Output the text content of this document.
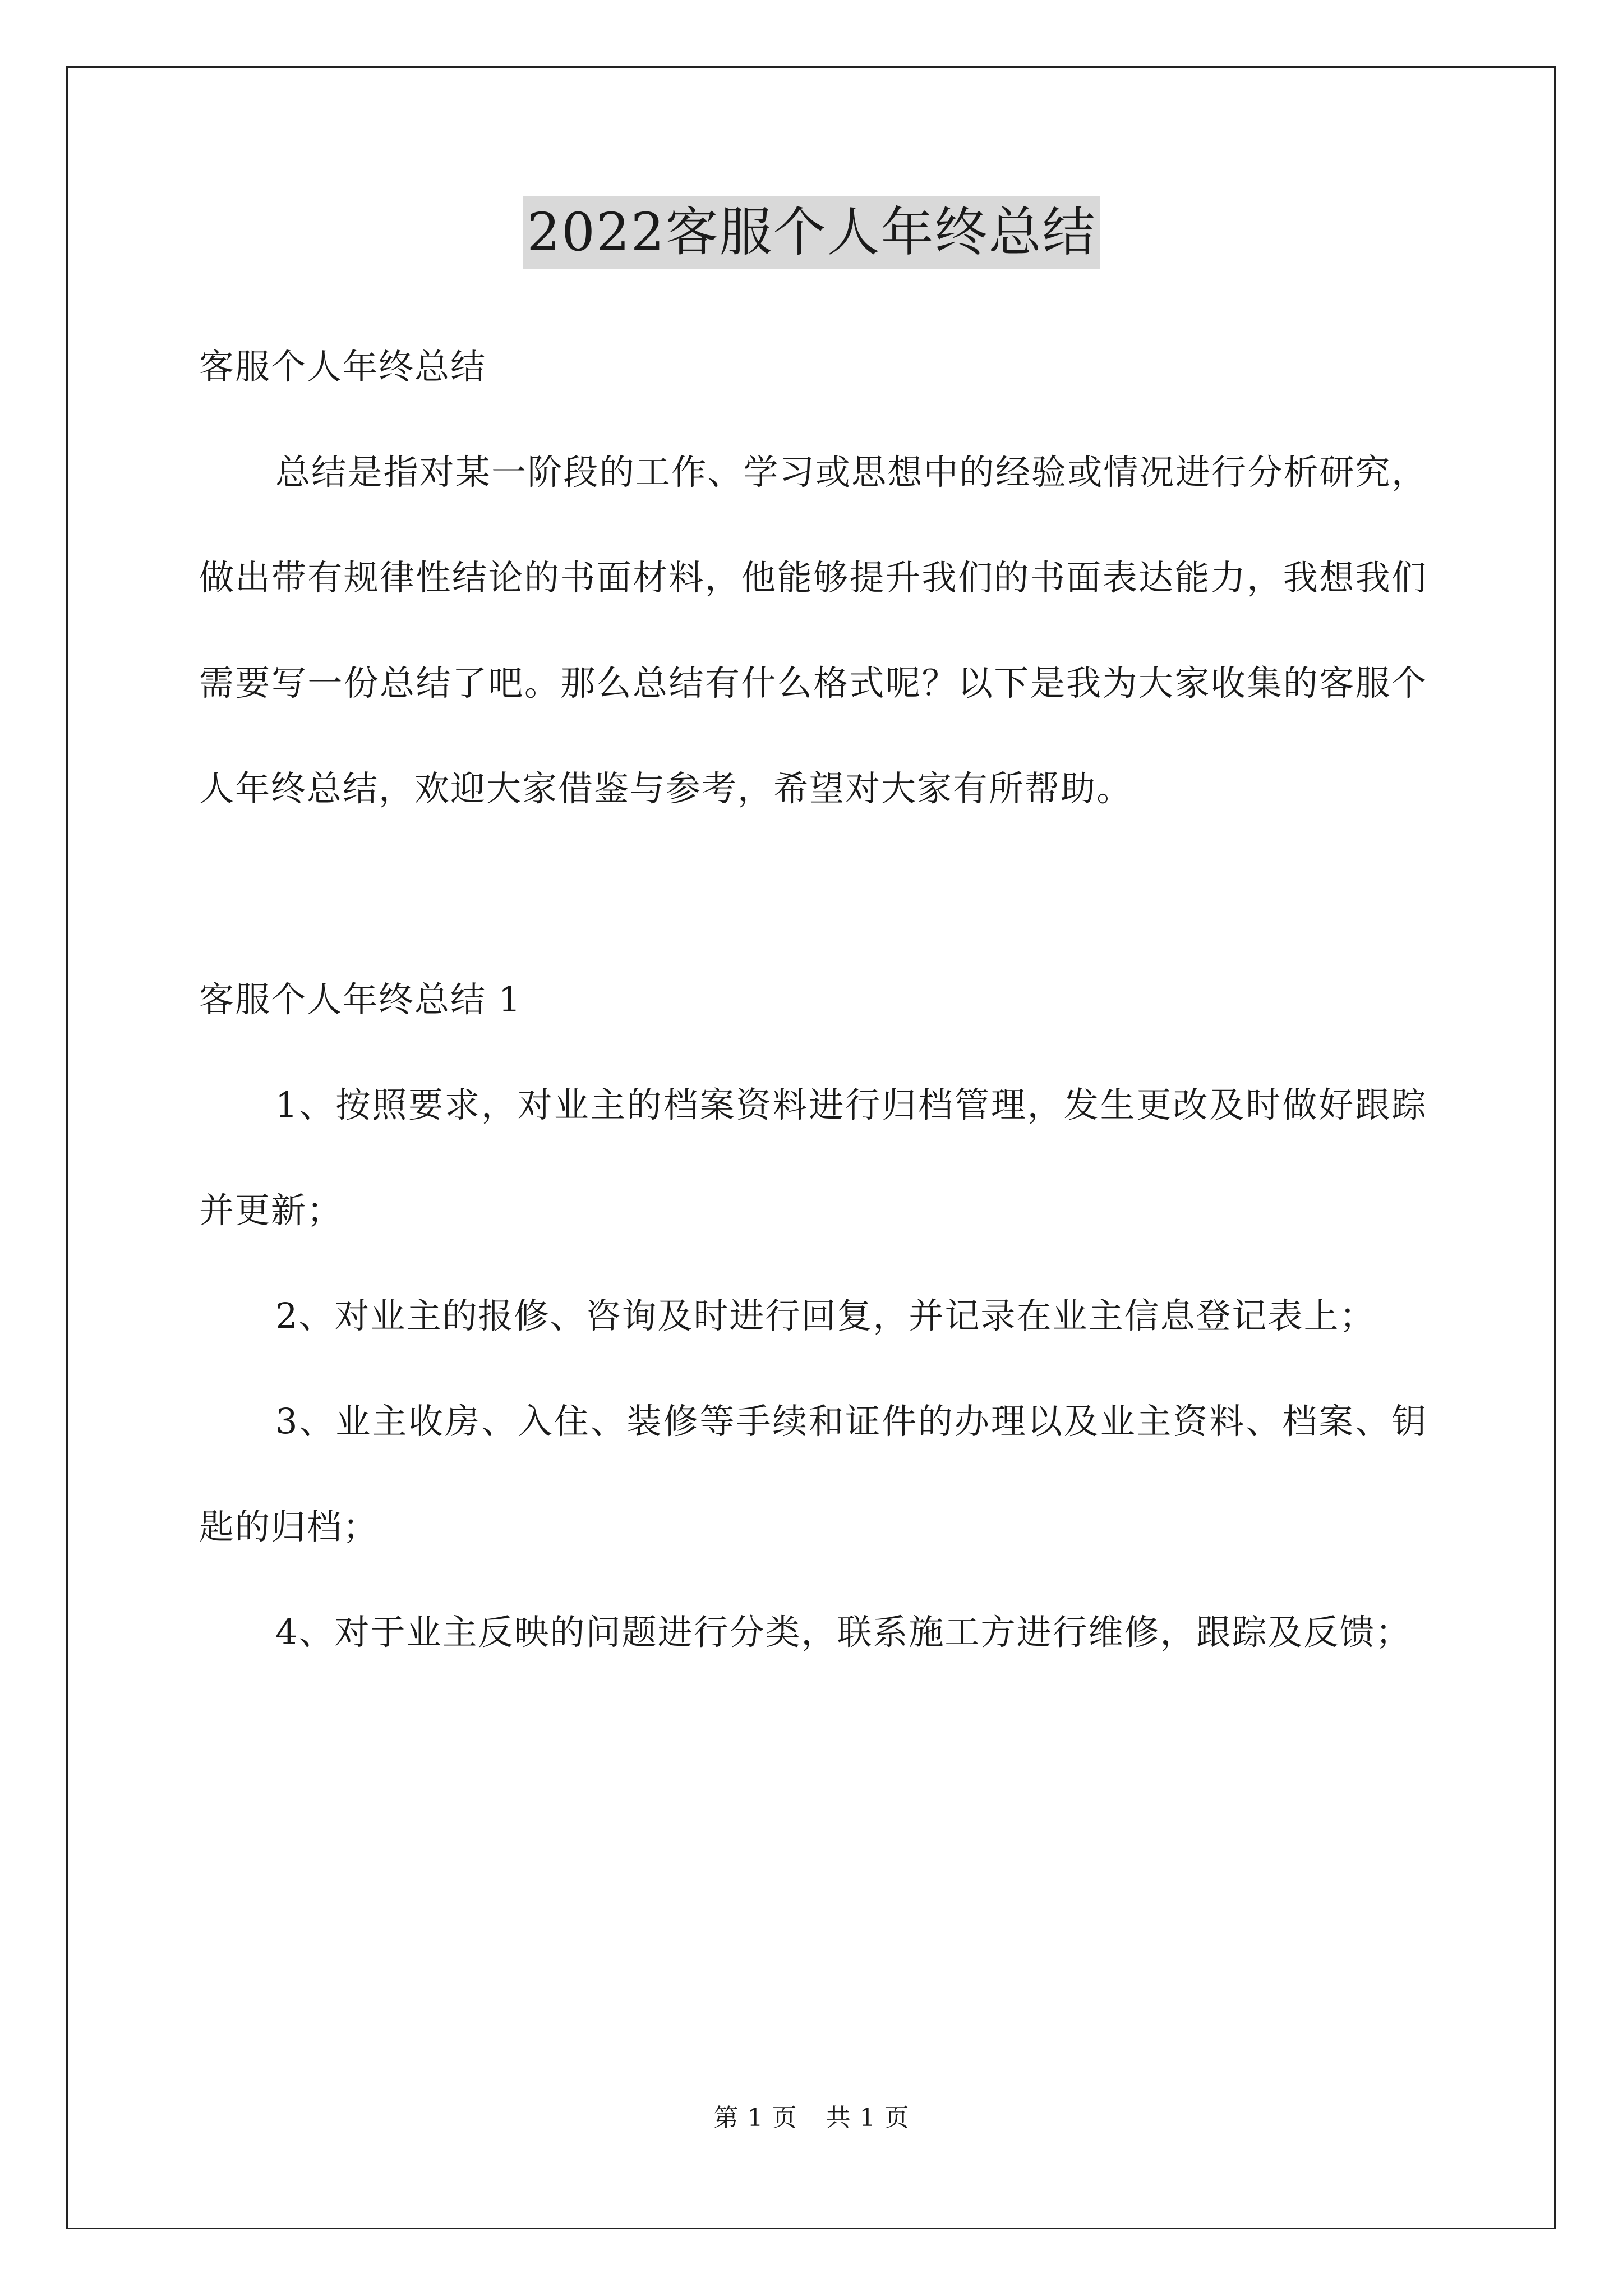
2022客服个人年终总结

客服个人年终总结

总结是指对某一阶段的工作、学习或思想中的经验或情况进行分析研究，做出带有规律性结论的书面材料，他能够提升我们的书面表达能力，我想我们需要写一份总结了吧。那么总结有什么格式呢？以下是我为大家收集的客服个人年终总结，欢迎大家借鉴与参考，希望对大家有所帮助。

客服个人年终总结 1

1、按照要求，对业主的档案资料进行归档管理，发生更改及时做好跟踪并更新；

2、对业主的报修、咨询及时进行回复，并记录在业主信息登记表上；

3、业主收房、入住、装修等手续和证件的办理以及业主资料、档案、钥匙的归档；

4、对于业主反映的问题进行分类，联系施工方进行维修，跟踪及反馈；

第 1 页 共 1 页
